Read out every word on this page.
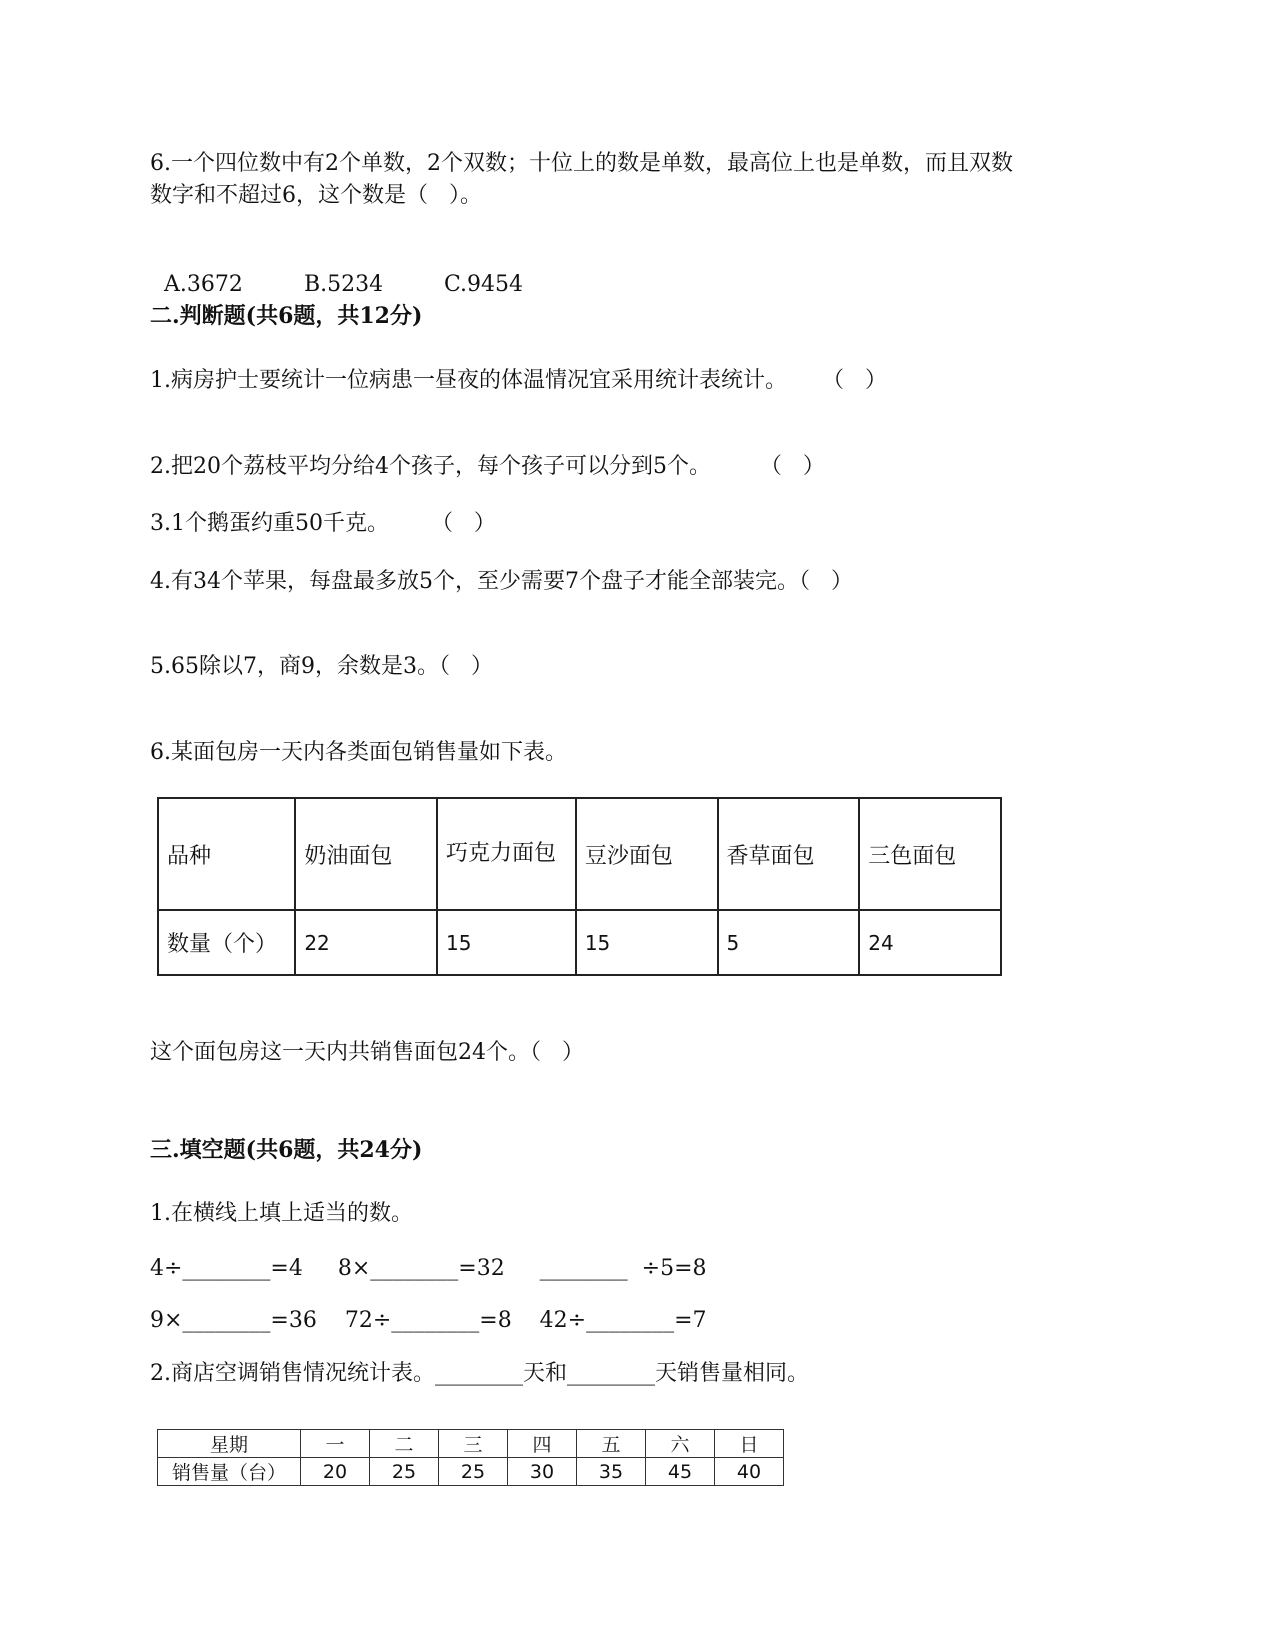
6.一个四位数中有2个单数，2个双数；十位上的数是单数，最高位上也是单数，而且双数
数字和不超过6，这个数是（   ）。

A.3672	B.5234	C.9454

二.判断题(共6题，共12分)
1.病房护士要统计一位病患一昼夜的体温情况宜采用统计表统计。     （   ）
2.把20个荔枝平均分给4个孩子，每个孩子可以分到5个。       （   ）
3.1个鹅蛋约重50千克。      （   ）
4.有34个苹果，每盘最多放5个，至少需要7个盘子才能全部装完。（   ）
5.65除以7，商9，余数是3。（   ）
6.某面包房一天内各类面包销售量如下表。
品种	奶油面包	巧克力面包	豆沙面包	香草面包	三色面包
数量（个）	22	15	15	5	24
这个面包房这一天内共销售面包24个。（   ）
三.填空题(共6题，共24分)
1.在横线上填上适当的数。
4÷________=4     8×________=32     ________  ÷5=8
9×________=36    72÷________=8    42÷________=7
2.商店空调销售情况统计表。________天和________天销售量相同。
星期	一	二	三	四	五	六	日
销售量（台）	20	25	25	30	35	45	40
